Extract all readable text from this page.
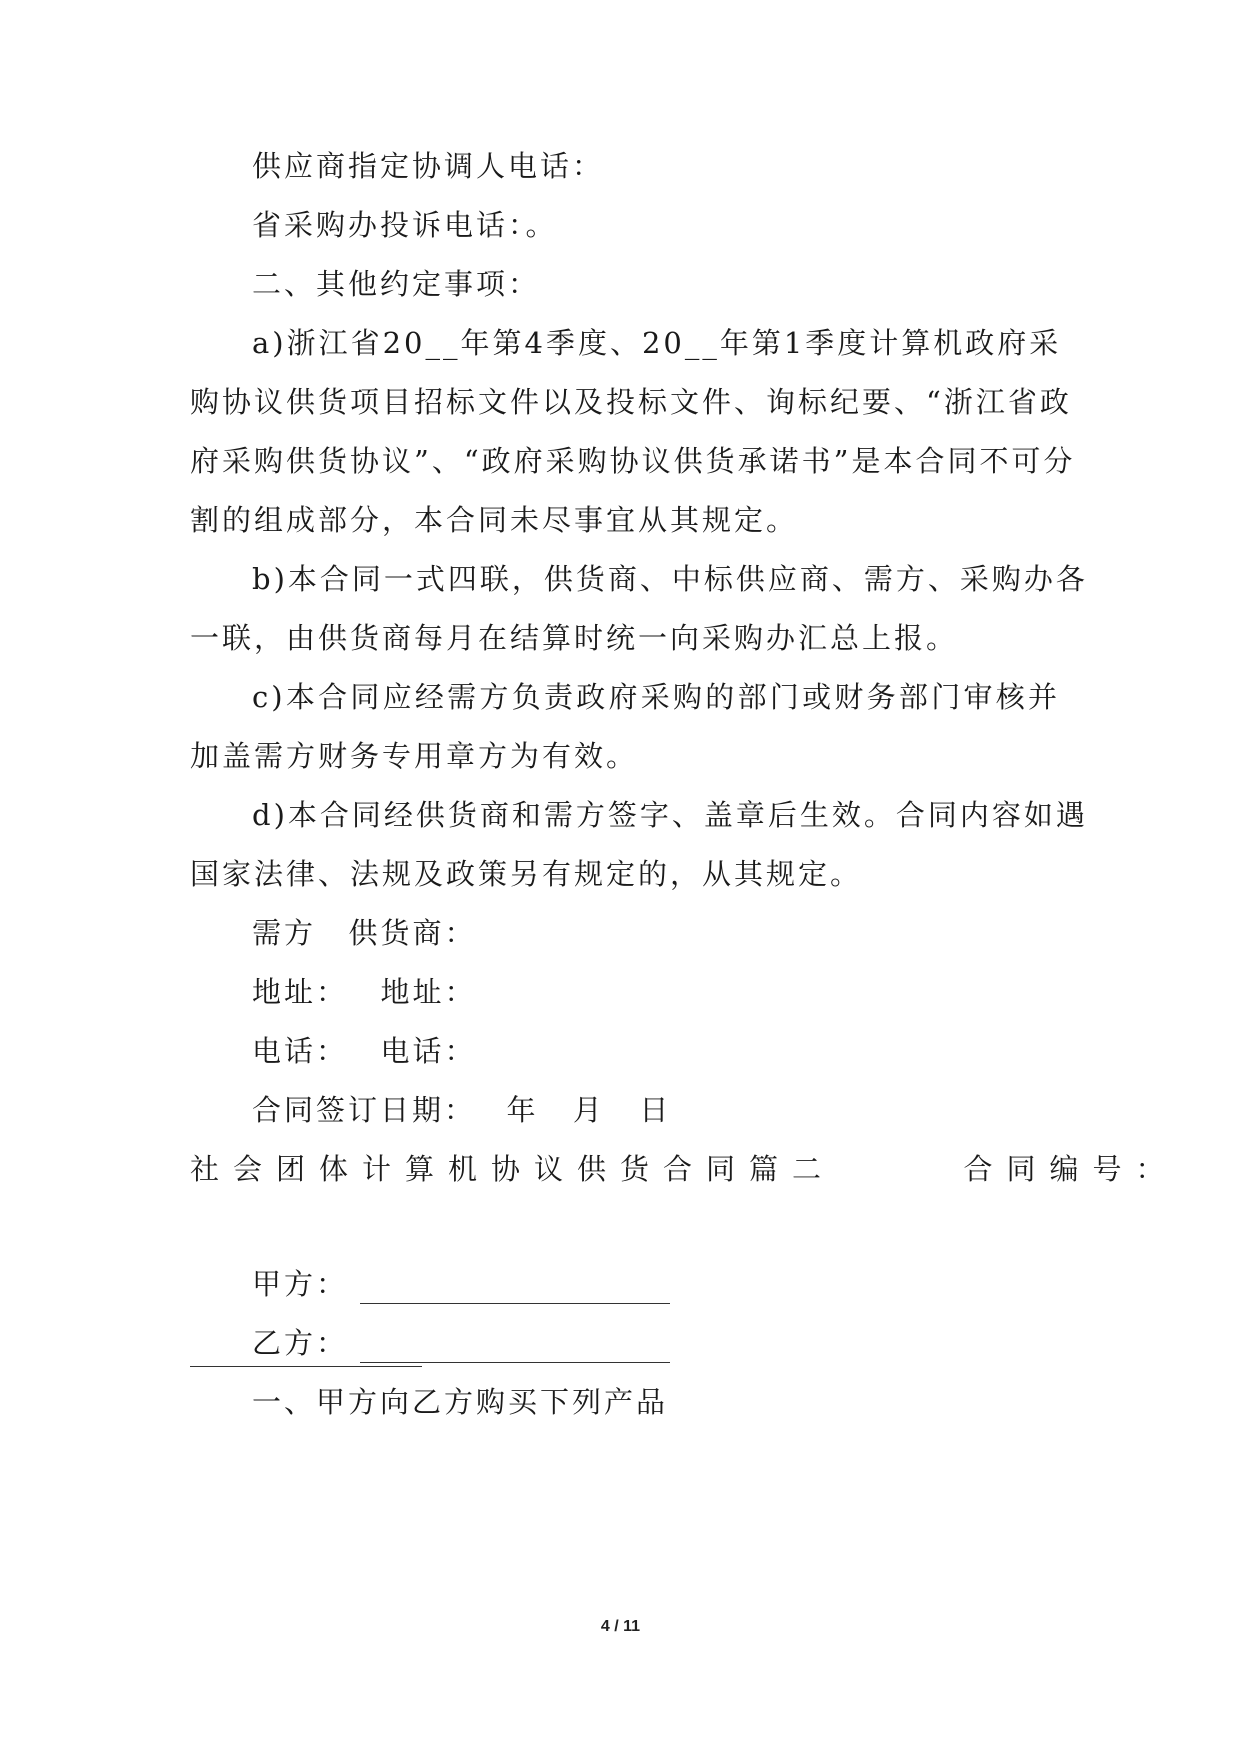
供应商指定协调人电话：
省采购办投诉电话：。
二、其他约定事项：
a)浙江省20__年第4季度、20__年第1季度计算机政府采
购协议供货项目招标文件以及投标文件、询标纪要、“浙江省政
府采购供货协议”、“政府采购协议供货承诺书”是本合同不可分
割的组成部分，本合同未尽事宜从其规定。
b)本合同一式四联，供货商、中标供应商、需方、采购办各
一联，由供货商每月在结算时统一向采购办汇总上报。
c)本合同应经需方负责政府采购的部门或财务部门审核并
加盖需方财务专用章方为有效。
d)本合同经供货商和需方签字、盖章后生效。合同内容如遇
国家法律、法规及政策另有规定的，从其规定。
需方 供货商：
地址： 地址：
电话： 电话：
合同签订日期： 年 月 日
社会团体计算机协议供货合同篇二	合同编号：
甲方：
乙方：
一、甲方向乙方购买下列产品
4 / 11
